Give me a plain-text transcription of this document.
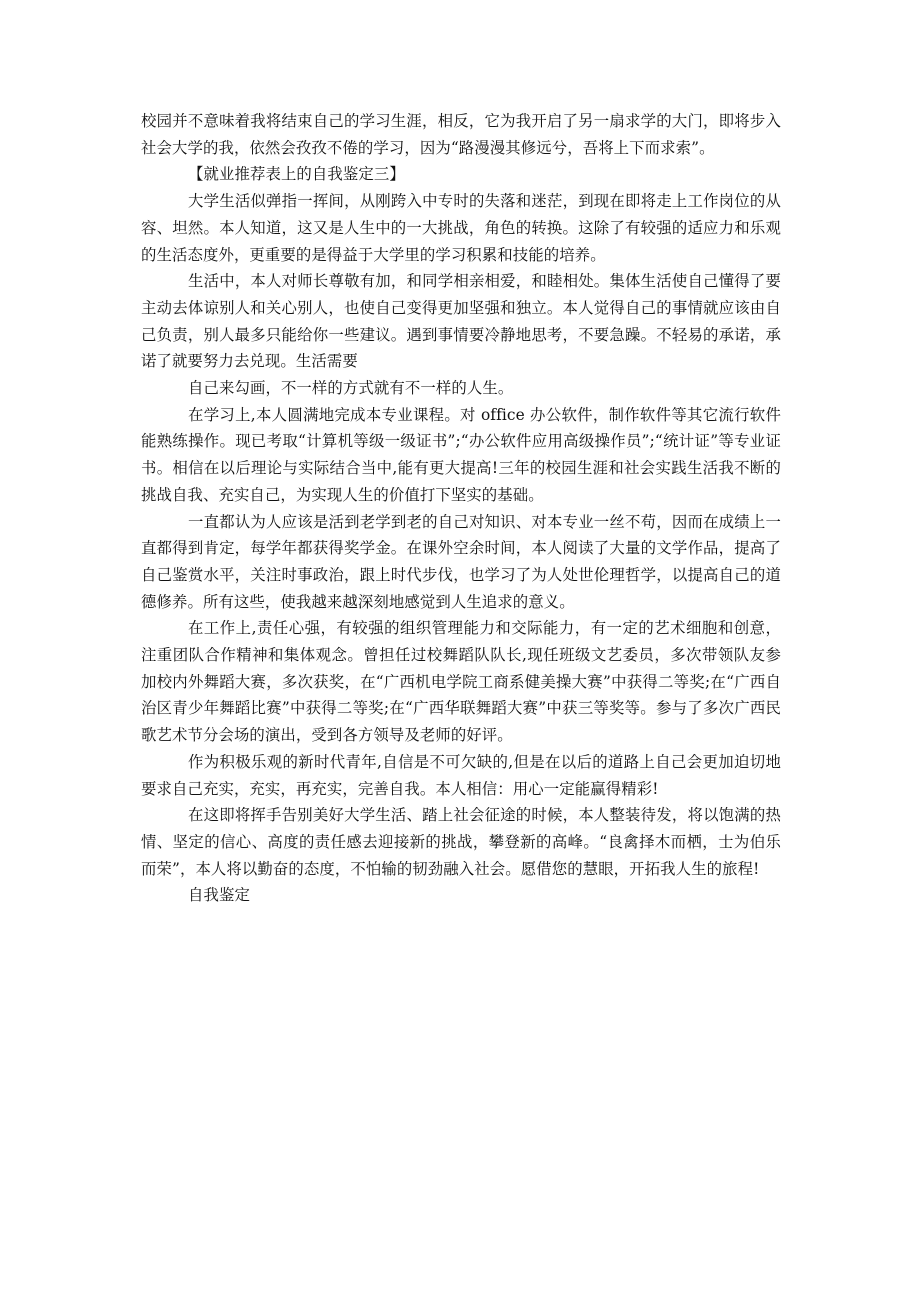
校园并不意味着我将结束自己的学习生涯，相反，它为我开启了另一扇求学的大门，即将步入社会大学的我，依然会孜孜不倦的学习，因为“路漫漫其修远兮，吾将上下而求索”。

【就业推荐表上的自我鉴定三】

大学生活似弹指一挥间，从刚跨入中专时的失落和迷茫，到现在即将走上工作岗位的从容、坦然。本人知道，这又是人生中的一大挑战，角色的转换。这除了有较强的适应力和乐观的生活态度外，更重要的是得益于大学里的学习积累和技能的培养。

生活中，本人对师长尊敬有加，和同学相亲相爱，和睦相处。集体生活使自己懂得了要主动去体谅别人和关心别人，也使自己变得更加坚强和独立。本人觉得自己的事情就应该由自己负责，别人最多只能给你一些建议。遇到事情要冷静地思考，不要急躁。不轻易的承诺，承诺了就要努力去兑现。生活需要

自己来勾画，不一样的方式就有不一样的人生。

在学习上,本人圆满地完成本专业课程。对 office 办公软件，制作软件等其它流行软件能熟练操作。现已考取“计算机等级一级证书”;“办公软件应用高级操作员”;“统计证”等专业证书。相信在以后理论与实际结合当中,能有更大提高!三年的校园生涯和社会实践生活我不断的挑战自我、充实自己，为实现人生的价值打下坚实的基础。

一直都认为人应该是活到老学到老的自己对知识、对本专业一丝不苟，因而在成绩上一直都得到肯定，每学年都获得奖学金。在课外空余时间，本人阅读了大量的文学作品，提高了自己鉴赏水平，关注时事政治，跟上时代步伐，也学习了为人处世伦理哲学，以提高自己的道德修养。所有这些，使我越来越深刻地感觉到人生追求的意义。

在工作上,责任心强，有较强的组织管理能力和交际能力，有一定的艺术细胞和创意，注重团队合作精神和集体观念。曾担任过校舞蹈队队长,现任班级文艺委员，多次带领队友参加校内外舞蹈大赛，多次获奖，在“广西机电学院工商系健美操大赛”中获得二等奖;在“广西自治区青少年舞蹈比赛”中获得二等奖;在“广西华联舞蹈大赛”中获三等奖等。参与了多次广西民歌艺术节分会场的演出，受到各方领导及老师的好评。

作为积极乐观的新时代青年,自信是不可欠缺的,但是在以后的道路上自己会更加迫切地要求自己充实，充实，再充实，完善自我。本人相信：用心一定能赢得精彩!

在这即将挥手告别美好大学生活、踏上社会征途的时候，本人整装待发，将以饱满的热情、坚定的信心、高度的责任感去迎接新的挑战，攀登新的高峰。“良禽择木而栖，士为伯乐而荣”，本人将以勤奋的态度，不怕输的韧劲融入社会。愿借您的慧眼，开拓我人生的旅程!

自我鉴定
